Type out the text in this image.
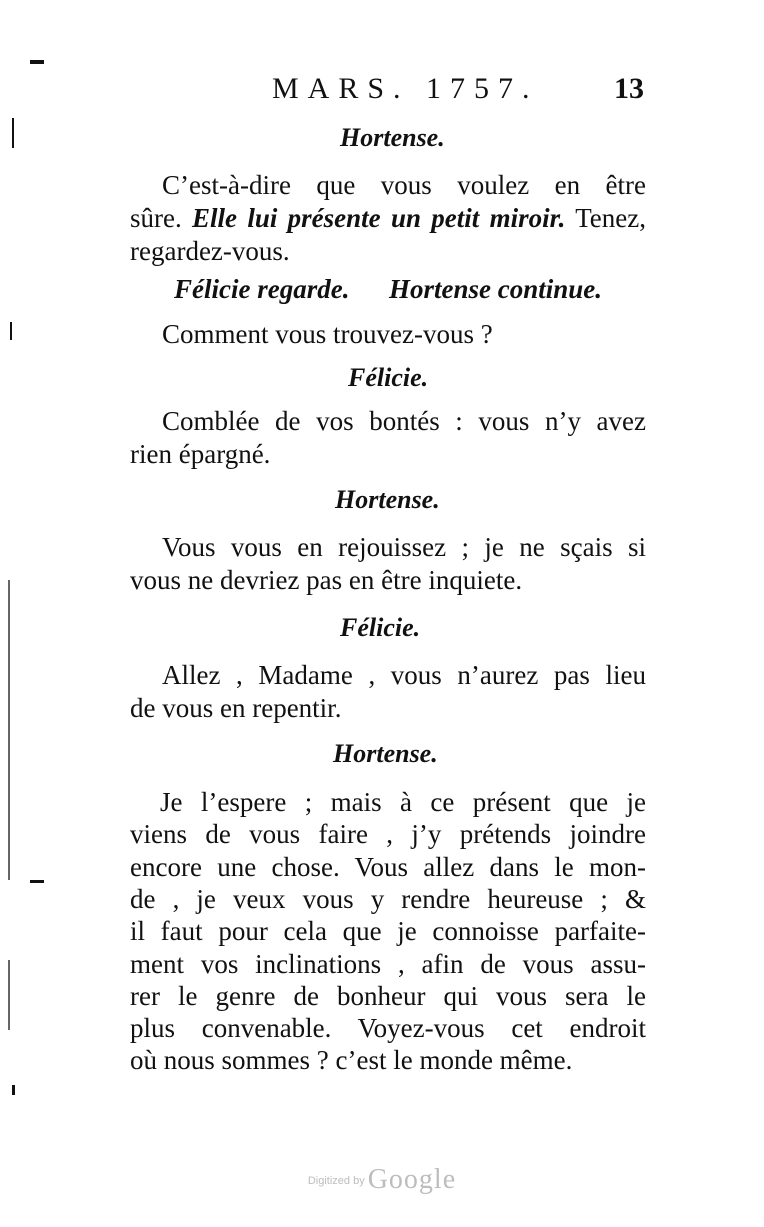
MARS. 1757.	13
Hortense.
C’est-à-dire que vous voulez en être
sûre. Elle lui présente un petit miroir. Tenez,
regardez-vous.
Félicie regarde. Hortense continue.
Comment vous trouvez-vous ?
Félicie.
Comblée de vos bontés : vous n’y avez
rien épargné.
Hortense.
Vous vous en rejouissez ; je ne sçais si
vous ne devriez pas en être inquiete.
Félicie.
Allez , Madame , vous n’aurez pas lieu
de vous en repentir.
Hortense.
Je l’espere ; mais à ce présent que je
viens de vous faire , j’y prétends joindre
encore une chose. Vous allez dans le mon-
de , je veux vous y rendre heureuse ; &
il faut pour cela que je connoisse parfaite-
ment vos inclinations , afin de vous assu-
rer le genre de bonheur qui vous sera le
plus convenable. Voyez-vous cet endroit
où nous sommes ? c’est le monde même.
$^{Digitized by}$ Google
